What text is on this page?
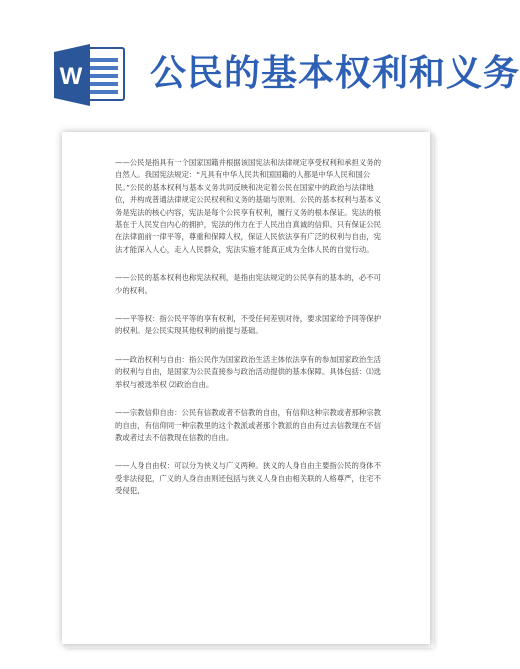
W 公民的基本权利和义务

——公民是指具有一个国家国籍并根据该国宪法和法律规定享受权利和承担义务的自然人。我国宪法规定：“凡具有中华人民共和国国籍的人都是中华人民和国公民。”公民的基本权利与基本义务共同反映和决定着公民在国家中的政治与法律地位，并构成普通法律规定公民权利和义务的基础与原则。公民的基本权利与基本义务是宪法的核心内容，宪法是每个公民享有权利，履行义务的根本保证。宪法的根基在于人民发自内心的拥护，宪法的伟力在于人民出自真诚的信仰。只有保证公民在法律面前一律平等，尊重和保障人权，保证人民依法享有广泛的权利与自由，宪法才能深入人心，走入人民群众，宪法实施才能真正成为全体人民的自觉行动。

——公民的基本权利也称宪法权利，是指由宪法规定的公民享有的基本的，必不可少的权利。

——平等权：指公民平等的享有权利，不受任何差别对待，要求国家给予同等保护的权利。是公民实现其他权利的前提与基础。

——政治权利与自由：指公民作为国家政治生活主体依法享有的参加国家政治生活的权利与自由，是国家为公民直接参与政治活动提供的基本保障。具体包括：⑴选举权与被选举权 ⑵政治自由。

——宗教信仰自由：公民有信教或者不信教的自由，有信仰这种宗教或者那种宗教的自由，有信仰同一种宗教里的这个教派或者那个教派的自由有过去信教现在不信教或者过去不信教现在信教的自由。

——人身自由权：可以分为侠义与广义两种。狭义的人身自由主要指公民的身体不受非法侵犯，广义的人身自由则还包括与狭义人身自由相关联的人格尊严，住宅不受侵犯，
